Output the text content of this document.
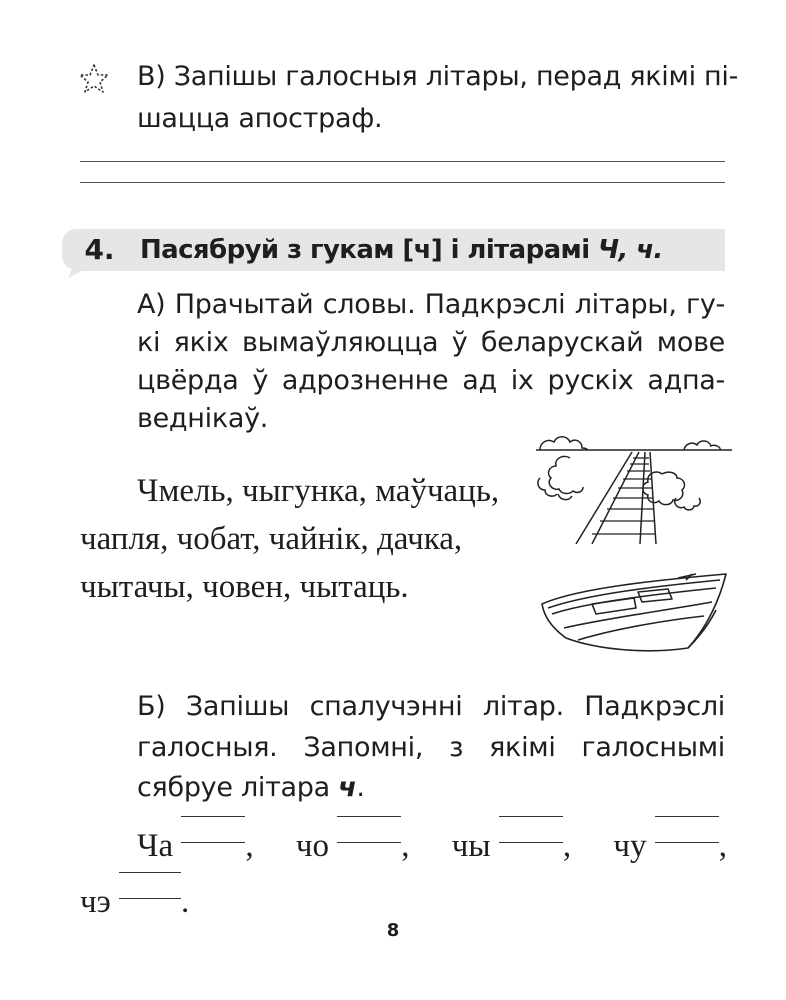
В) Запішы галосныя літары, перад якімі пі-
шацца апостраф.
4. Пасябруй з гукам [ч] і літарамі Ч, ч.
А) Прачытай словы. Падкрэслі літары, гу-
кі якіх вымаўляюцца ў беларускай мове
цвёрда ў адрозненне ад іх рускіх адпа-
веднікаў.
Чмель, чыгунка, маўчаць,
чапля, чобат, чайнік, дачка,
чытачы, човен, чытаць.
Б) Запішы спалучэнні літар. Падкрэслі
галосныя. Запомні, з якімі галоснымі
сябруе літара ч.
Ча , чо , чы , чу ,
чэ .
8
